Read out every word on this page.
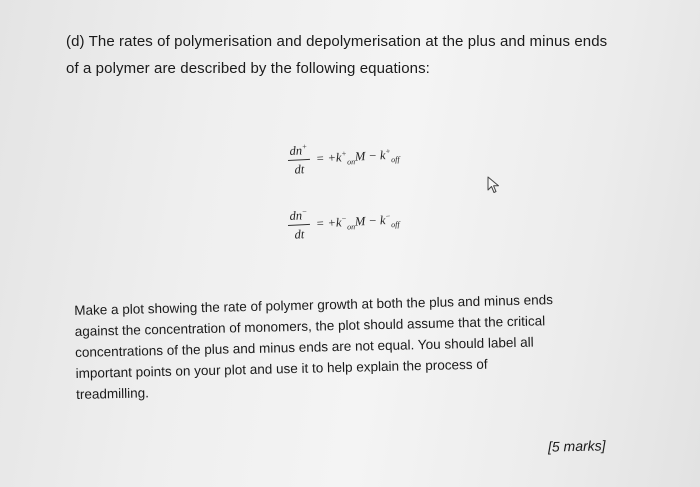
(d) The rates of polymerisation and depolymerisation at the plus and minus ends

of a polymer are described by the following equations:

$\frac{dn^+}{dt} = +k^+_{on}M - k^+_{off}$
$\frac{dn^-}{dt} = +k^-_{on}M - k^-_{off}$

Make a plot showing the rate of polymer growth at both the plus and minus ends

against the concentration of monomers, the plot should assume that the critical

concentrations of the plus and minus ends are not equal. You should label all

important points on your plot and use it to help explain the process of

treadmilling.

[5 marks]
